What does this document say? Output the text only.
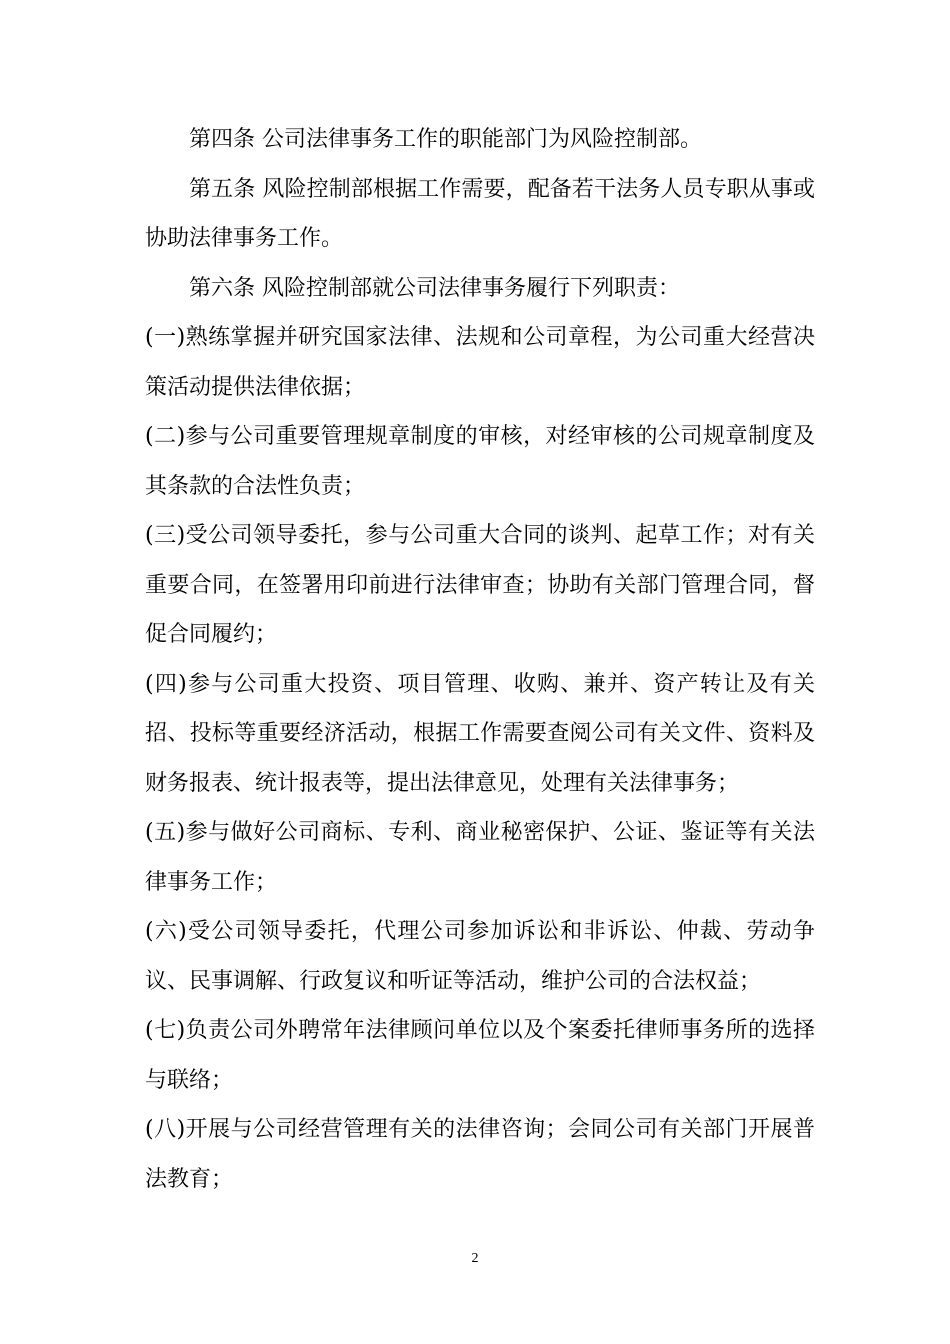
第四条 公司法律事务工作的职能部门为风险控制部。

第五条 风险控制部根据工作需要，配备若干法务人员专职从事或协助法律事务工作。

第六条 风险控制部就公司法律事务履行下列职责：

(一)熟练掌握并研究国家法律、法规和公司章程，为公司重大经营决策活动提供法律依据；

(二)参与公司重要管理规章制度的审核，对经审核的公司规章制度及其条款的合法性负责；

(三)受公司领导委托，参与公司重大合同的谈判、起草工作；对有关重要合同，在签署用印前进行法律审查；协助有关部门管理合同，督促合同履约；

(四)参与公司重大投资、项目管理、收购、兼并、资产转让及有关招、投标等重要经济活动，根据工作需要查阅公司有关文件、资料及财务报表、统计报表等，提出法律意见，处理有关法律事务；

(五)参与做好公司商标、专利、商业秘密保护、公证、鉴证等有关法律事务工作；

(六)受公司领导委托，代理公司参加诉讼和非诉讼、仲裁、劳动争议、民事调解、行政复议和听证等活动，维护公司的合法权益；

(七)负责公司外聘常年法律顾问单位以及个案委托律师事务所的选择与联络；

(八)开展与公司经营管理有关的法律咨询；会同公司有关部门开展普法教育；

2
